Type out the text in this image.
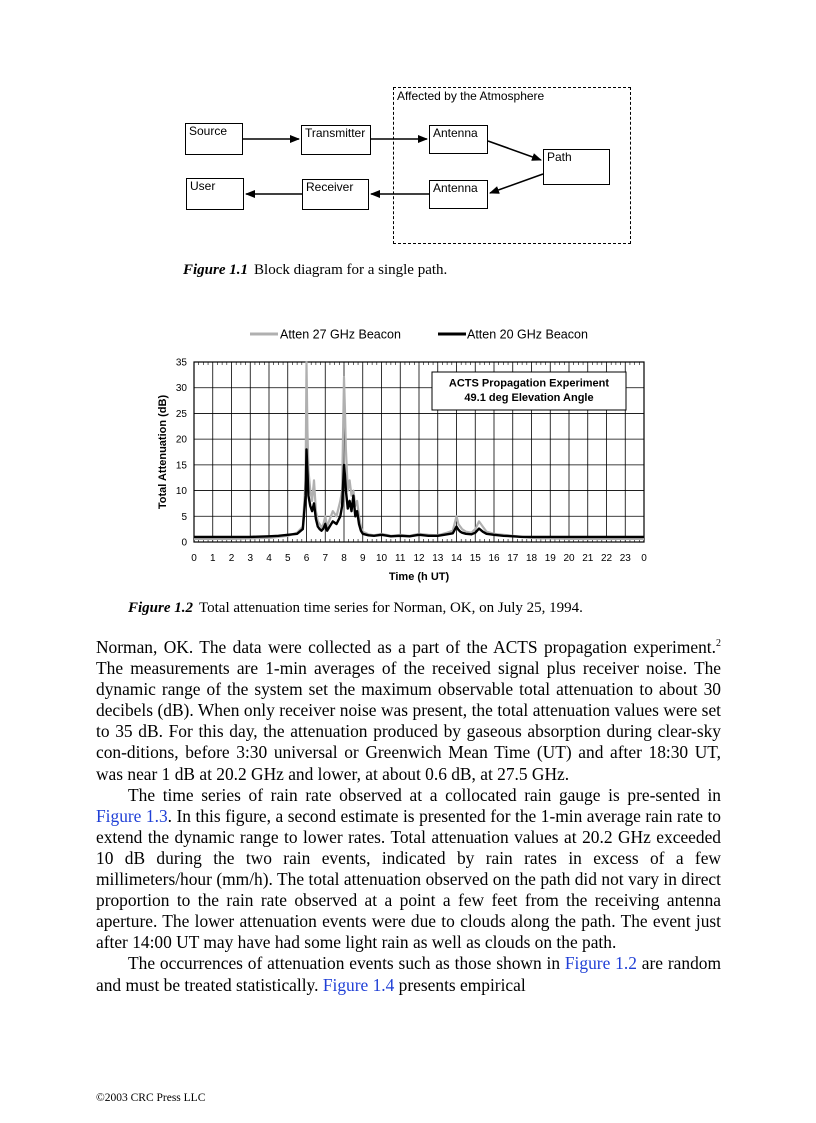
Affected by the Atmosphere
Source	Transmitter	Antenna
Path
User	Receiver	Antenna
Figure 1.1 Block diagram for a single path.
Atten 27 GHz Beacon	Atten 20 GHz Beacon
0
5
10
15
20
25
30
35
0 1 2 3 4 5 6 7 8 9 10 11 12 13 14 15 16 17 18 19 20 21 22 23 0
ACTS Propagation Experiment
49.1 deg Elevation Angle
Time (h UT)
Total Attenuation (dB)
Figure 1.2 Total attenuation time series for Norman, OK, on July 25, 1994.

Norman, OK. The data were collected as a part of the ACTS propagation experiment.$^2$ The measurements are 1-min averages of the received signal plus receiver noise. The dynamic range of the system set the maximum observable total attenuation to about 30 decibels (dB). When only receiver noise was present, the total attenuation values were set to 35 dB. For this day, the attenuation produced by gaseous absorption during clear-sky con-ditions, before 3:30 universal or Greenwich Mean Time (UT) and after 18:30 UT, was near 1 dB at 20.2 GHz and lower, at about 0.6 dB, at 27.5 GHz.

The time series of rain rate observed at a collocated rain gauge is pre-sented in Figure 1.3. In this figure, a second estimate is presented for the 1-min average rain rate to extend the dynamic range to lower rates. Total attenuation values at 20.2 GHz exceeded 10 dB during the two rain events, indicated by rain rates in excess of a few millimeters/hour (mm/h). The total attenuation observed on the path did not vary in direct proportion to the rain rate observed at a point a few feet from the receiving antenna aperture. The lower attenuation events were due to clouds along the path. The event just after 14:00 UT may have had some light rain as well as clouds on the path.

The occurrences of attenuation events such as those shown in Figure 1.2 are random and must be treated statistically. Figure 1.4 presents empirical

©2003 CRC Press LLC
